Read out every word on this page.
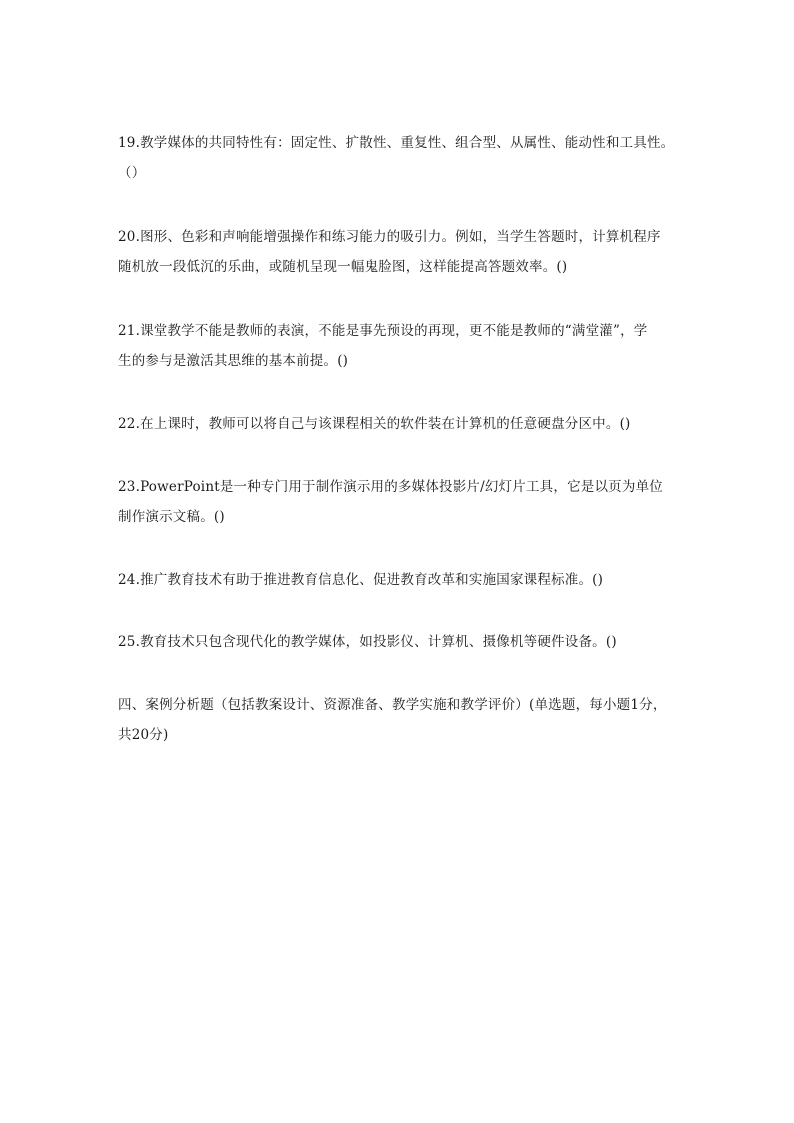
19.教学媒体的共同特性有：固定性、扩散性、重复性、组合型、从属性、能动性和工具性。
（）
20.图形、色彩和声响能增强操作和练习能力的吸引力。例如，当学生答题时，计算机程序
随机放一段低沉的乐曲，或随机呈现一幅鬼脸图，这样能提高答题效率。()
21.课堂教学不能是教师的表演，不能是事先预设的再现，更不能是教师的“满堂灌”，学
生的参与是激活其思维的基本前提。()
22.在上课时，教师可以将自己与该课程相关的软件装在计算机的任意硬盘分区中。()
23.PowerPoint是一种专门用于制作演示用的多媒体投影片/幻灯片工具，它是以页为单位
制作演示文稿。()
24.推广教育技术有助于推进教育信息化、促进教育改革和实施国家课程标准。()
25.教育技术只包含现代化的教学媒体，如投影仪、计算机、摄像机等硬件设备。()
四、案例分析题（包括教案设计、资源准备、教学实施和教学评价）(单选题，每小题1分，
共20分)
